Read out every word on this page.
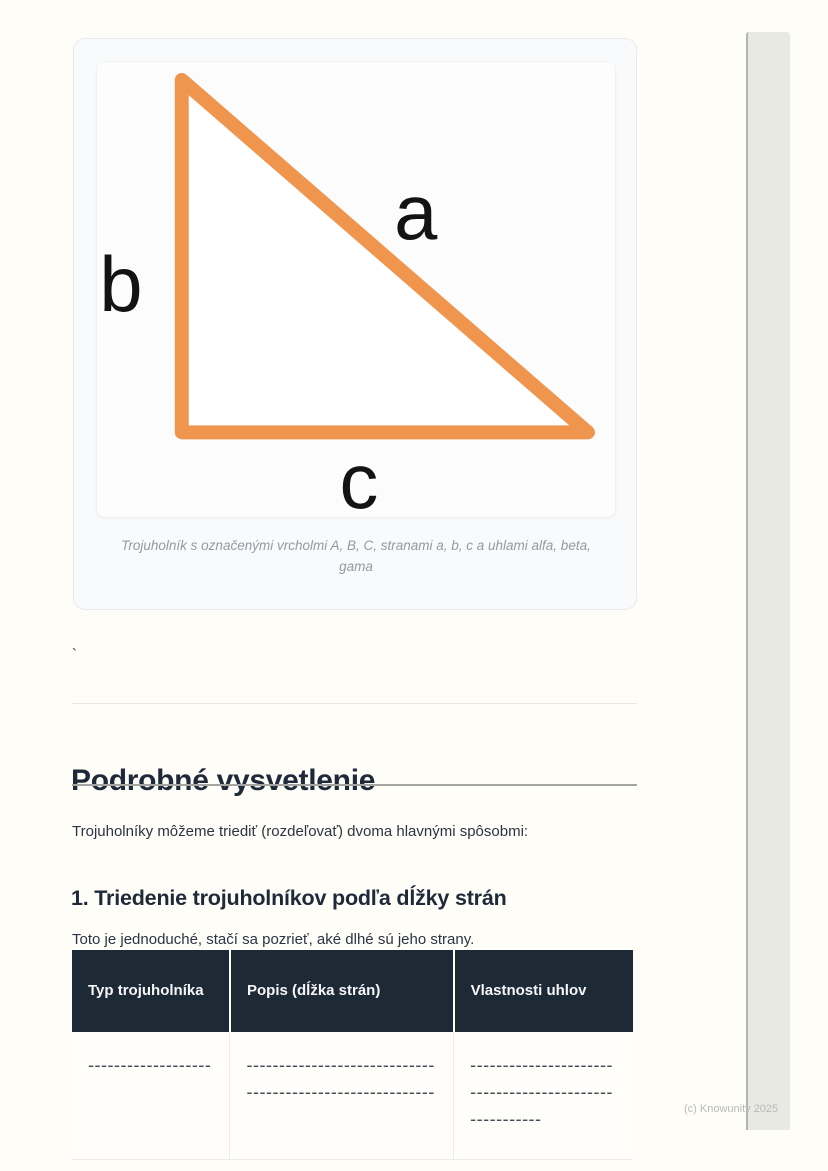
a
b
c
Trojuholník s označenými vrcholmi A, B, C, stranami a, b, c a uhlami alfa, beta, gama
`
Podrobné vysvetlenie

Trojuholníky môžeme triediť (rozdeľovať) dvoma hlavnými spôsobmi:

1. Triedenie trojuholníkov podľa dĺžky strán

Toto je jednoduché, stačí sa pozrieť, aké dlhé sú jeho strany.

Typ trojuholníka	Popis (dĺžka strán)	Vlastnosti uhlov
-------------------	----------------------------------------------------------	-------------------------------------------------------	(c) Knowunity 2025
